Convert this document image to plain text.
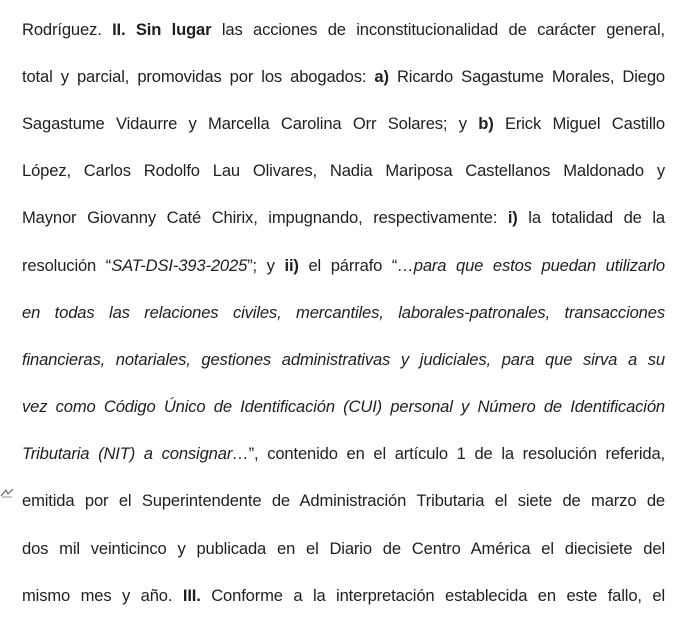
Rodríguez. II. Sin lugar las acciones de inconstitucionalidad de carácter general,
total y parcial, promovidas por los abogados: a) Ricardo Sagastume Morales, Diego
Sagastume Vidaurre y Marcella Carolina Orr Solares; y b) Erick Miguel Castillo
López, Carlos Rodolfo Lau Olivares, Nadia Mariposa Castellanos Maldonado y
Maynor Giovanny Caté Chirix, impugnando, respectivamente: i) la totalidad de la
resolución “SAT-DSI-393-2025”; y ii) el párrafo “…para que estos puedan utilizarlo
en todas las relaciones civiles, mercantiles, laborales-patronales, transacciones
financieras, notariales, gestiones administrativas y judiciales, para que sirva a su
vez como Código Único de Identificación (CUI) personal y Número de Identificación
Tributaria (NIT) a consignar…”, contenido en el artículo 1 de la resolución referida,
emitida por el Superintendente de Administración Tributaria el siete de marzo de
dos mil veinticinco y publicada en el Diario de Centro América el diecisiete del
mismo mes y año. III. Conforme a la interpretación establecida en este fallo, el
